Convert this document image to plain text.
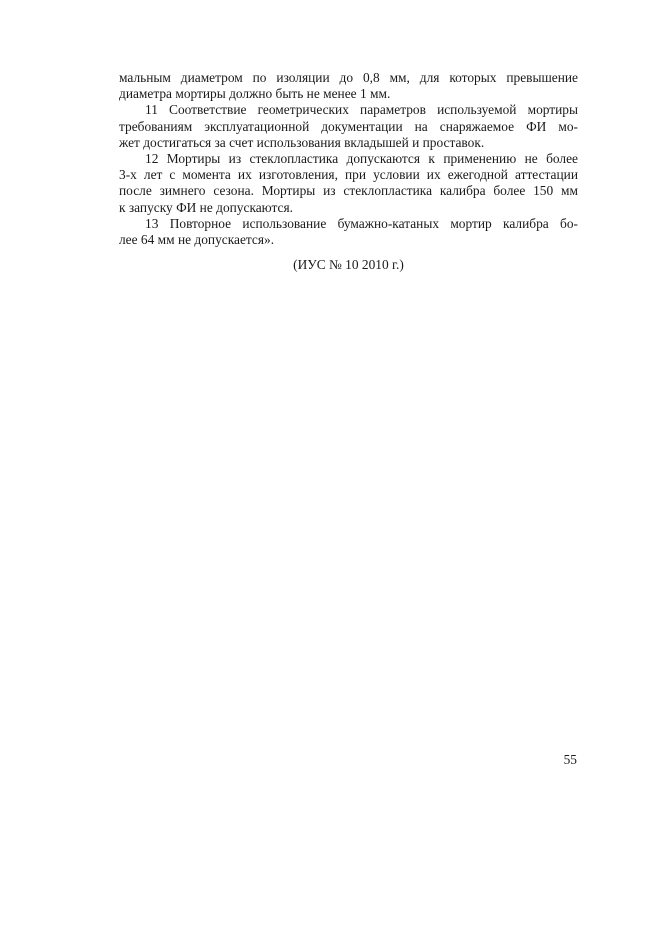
мальным диаметром по изоляции до 0,8 мм, для которых превышение
диаметра мортиры должно быть не менее 1 мм.

11 Соответствие геометрических параметров используемой мортиры
требованиям эксплуатационной документации на снаряжаемое ФИ мо-
жет достигаться за счет использования вкладышей и проставок.

12 Мортиры из стеклопластика допускаются к применению не более
3-х лет с момента их изготовления, при условии их ежегодной аттестации
после зимнего сезона. Мортиры из стеклопластика калибра более 150 мм
к запуску ФИ не допускаются.

13 Повторное использование бумажно-катаных мортир калибра бо-
лее 64 мм не допускается».

(ИУС № 10 2010 г.)
55
